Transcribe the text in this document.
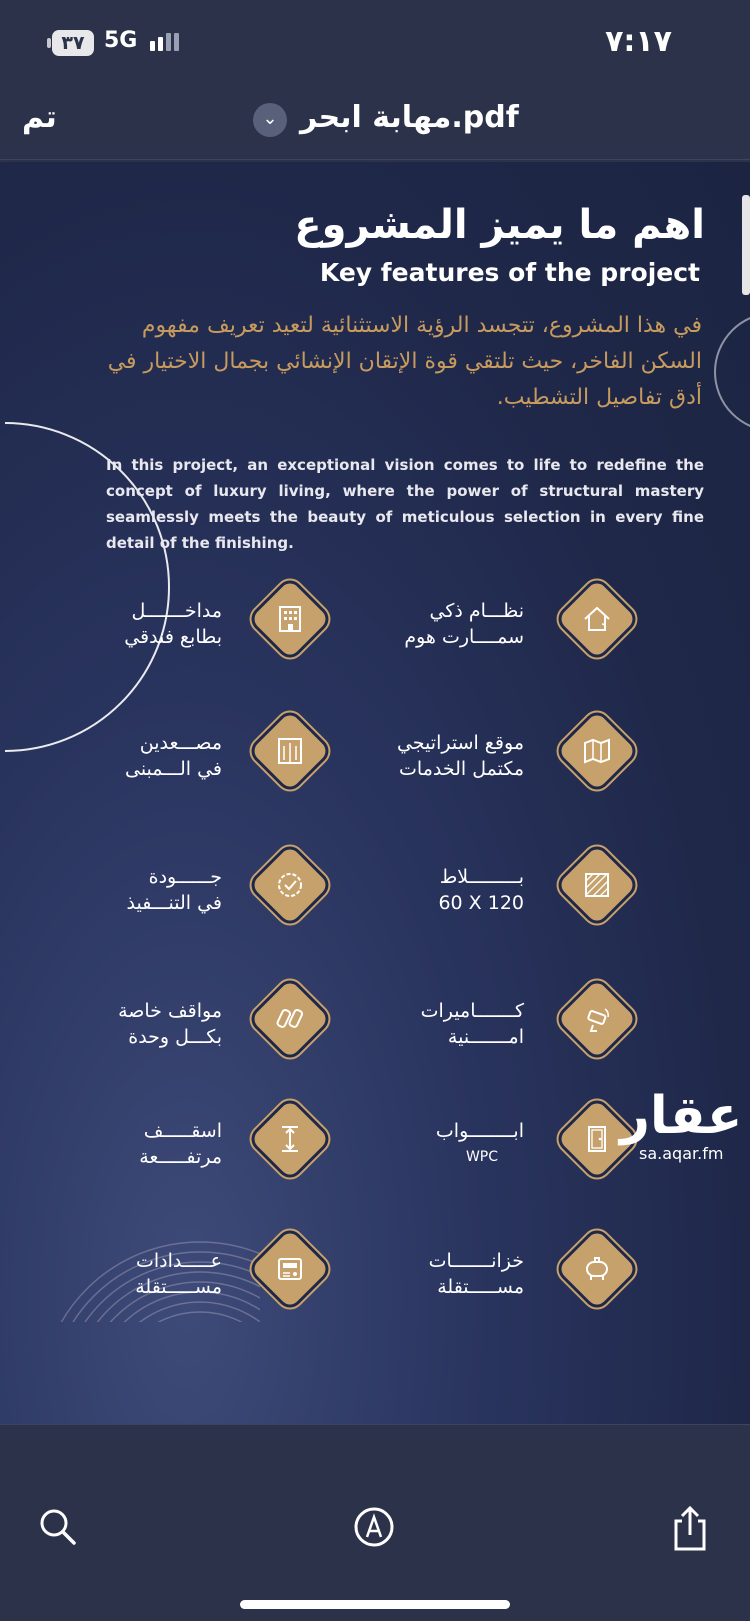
٣٧ 5G	٧:١٧
تم	⌄ مهابة ابحر.pdf
اهم ما يميز المشروع
Key features of the project
في هذا المشروع، تتجسد الرؤية الاستثنائية لتعيد تعريف مفهوم السكن الفاخر، حيث تلتقي قوة الإتقان الإنشائي بجمال الاختيار في أدق تفاصيل التشطيب.
In this project, an exceptional vision comes to life to redefine the concept of luxury living, where the power of structural mastery seamlessly meets the beauty of meticulous selection in every fine detail of the finishing.
نظـــام ذكي
سمــــارت هوم
مداخـــــــل
بطابع فندقي
موقع استراتيجي
مكتمل الخدمات
مصـــعدين
في الـــمبنى
بـــــــــلاط
60 X 120
جــــــودة
في التنـــفيذ
كـــــــاميرات
امـــــــنية
مواقف خاصة
بكـــل وحدة
ابــــــــواب
WPC
اسقـــــف
مرتفـــــعة
خزانـــــــات
مســـــتقلة
عـــــدادات
مســـــتقلة
عقار
sa.aqar.fm
